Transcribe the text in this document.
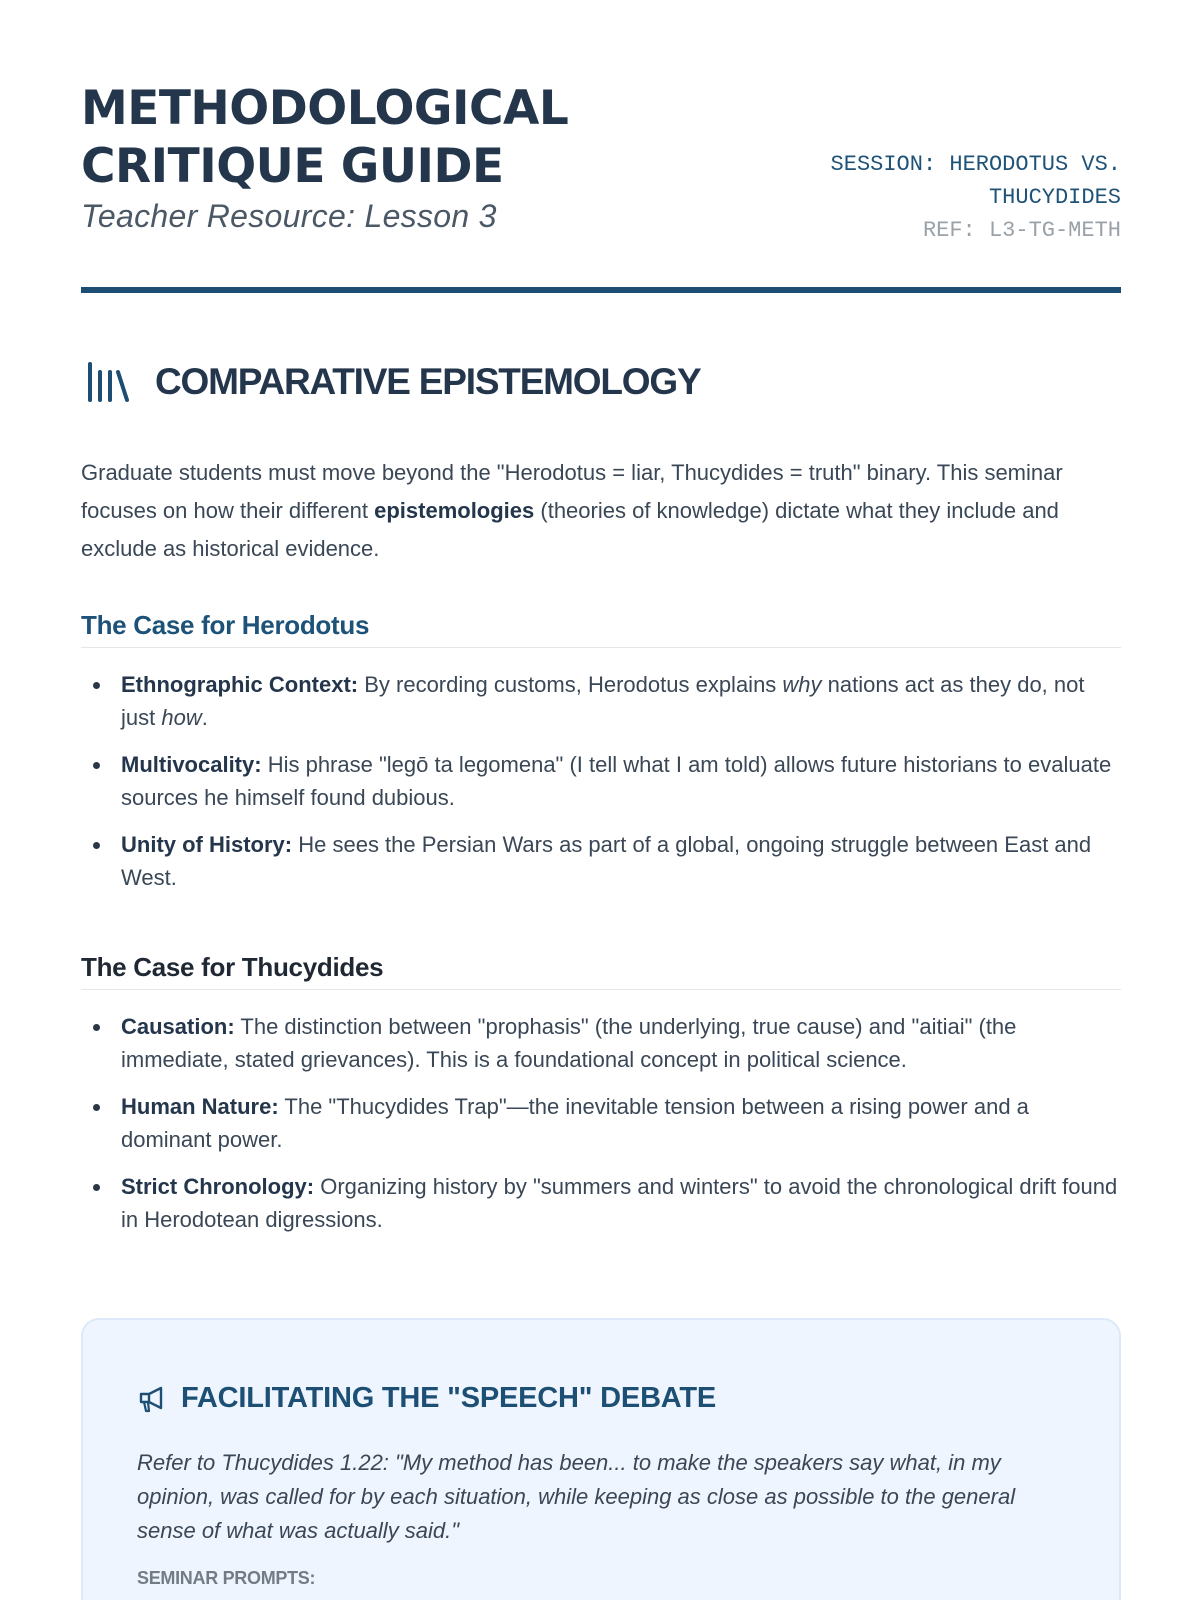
METHODOLOGICAL
CRITIQUE GUIDE
Teacher Resource: Lesson 3
SESSION: HERODOTUS VS. THUCYDIDES
REF: L3-TG-METH
COMPARATIVE EPISTEMOLOGY

Graduate students must move beyond the "Herodotus = liar, Thucydides = truth" binary. This seminar focuses on how their different epistemologies (theories of knowledge) dictate what they include and exclude as historical evidence.

The Case for Herodotus
Ethnographic Context: By recording customs, Herodotus explains why nations act as they do, not just how.
Multivocality: His phrase "legō ta legomena" (I tell what I am told) allows future historians to evaluate sources he himself found dubious.
Unity of History: He sees the Persian Wars as part of a global, ongoing struggle between East and West.
The Case for Thucydides
Causation: The distinction between "prophasis" (the underlying, true cause) and "aitiai" (the immediate, stated grievances). This is a foundational concept in political science.
Human Nature: The "Thucydides Trap"—the inevitable tension between a rising power and a dominant power.
Strict Chronology: Organizing history by "summers and winters" to avoid the chronological drift found in Herodotean digressions.
FACILITATING THE "SPEECH" DEBATE

Refer to Thucydides 1.22: "My method has been... to make the speakers say what, in my opinion, was called for by each situation, while keeping as close as possible to the general sense of what was actually said."

SEMINAR PROMPTS:
